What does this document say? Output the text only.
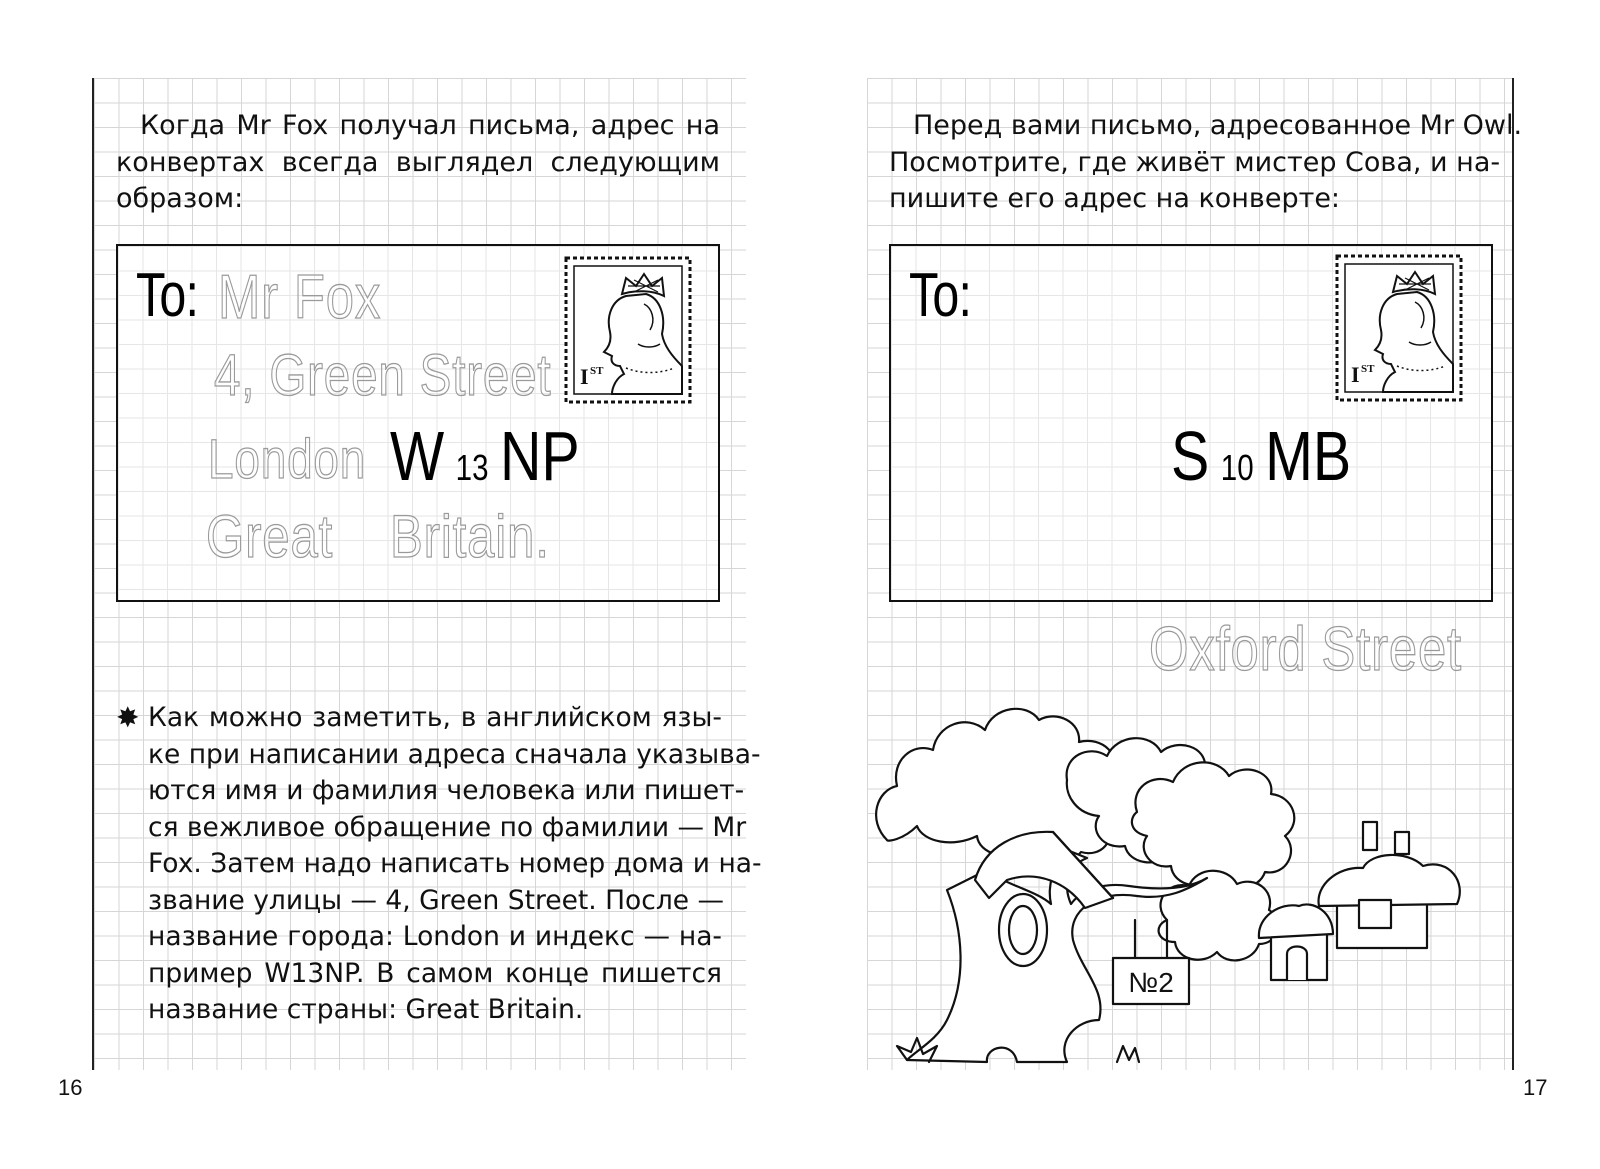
Когда Mr Fox получал письма, адрес на
конвертах всегда выглядел следующим
образом:

To: Mr Fox
4, Green Street
London W 13 NP
Great Britain.
I ST
✸ Как можно заметить, в английском язы-
ке при написании адреса сначала указыва-
ются имя и фамилия человека или пишет-
ся вежливое обращение по фамилии — Mr
Fox. Затем надо написать номер дома и на-
звание улицы — 4, Green Street. После —
название города: London и индекс — на-
пример W13NP. В самом конце пишется
название страны: Great Britain.

Перед вами письмо, адресованное Mr Owl.
Посмотрите, где живёт мистер Сова, и на-
пишите его адрес на конверте:

To:
S 10 MB
I ST
Oxford Street
№2
16	17
